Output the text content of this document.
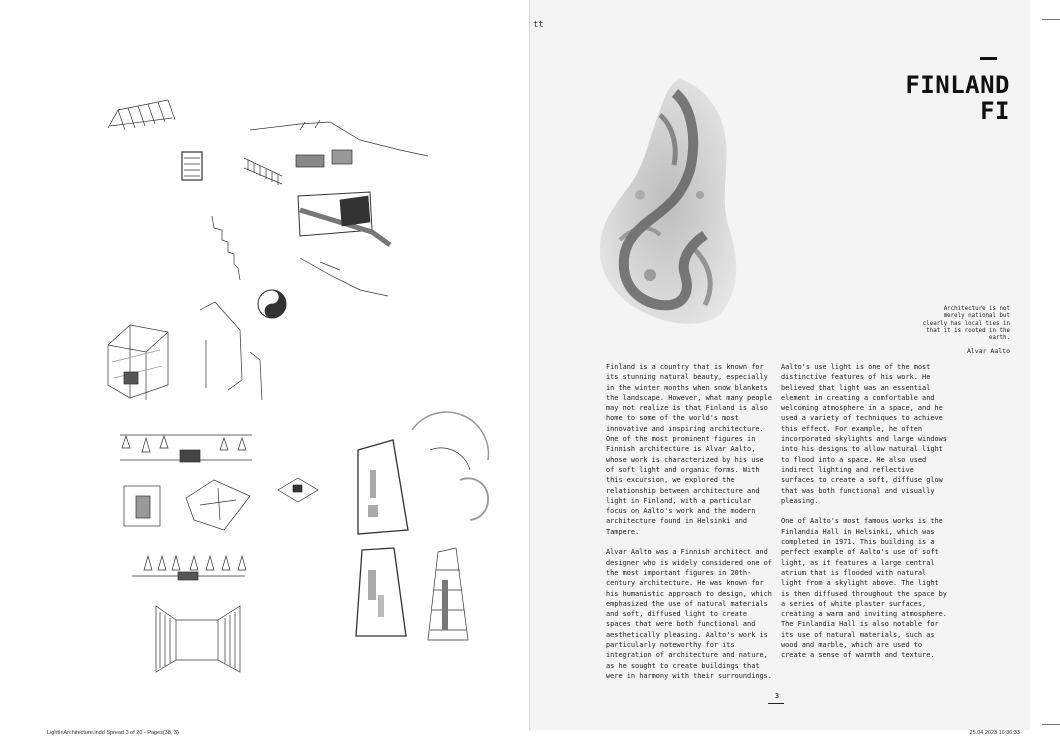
tt
FINLAND
FI
Architecture is not merely national but clearly has local ties in that it is rooted in the earth.
Alvar Aalto

Finland is a country that is known for its stunning natural beauty, especially in the winter months when snow blankets the landscape. However, what many people may not realize is that Finland is also home to some of the world's most innovative and inspiring architecture. One of the most prominent figures in Finnish architecture is Alvar Aalto, whose work is characterized by his use of soft light and organic forms. With this excursion, we explored the relationship between architecture and light in Finland, with a particular focus on Aalto's work and the modern architecture found in Helsinki and Tampere.

Alvar Aalto was a Finnish architect and designer who is widely considered one of the most important figures in 20th-century architecture. He was known for his humanistic approach to design, which emphasized the use of natural materials and soft, diffused light to create spaces that were both functional and aesthetically pleasing. Aalto's work is particularly noteworthy for its integration of architecture and nature, as he sought to create buildings that were in harmony with their surroundings.

Aalto's use light is one of the most distinctive features of his work. He believed that light was an essential element in creating a comfortable and welcoming atmosphere in a space, and he used a variety of techniques to achieve this effect. For example, he often incorporated skylights and large windows into his designs to allow natural light to flood into a space. He also used indirect lighting and reflective surfaces to create a soft, diffuse glow that was both functional and visually pleasing.

One of Aalto's most famous works is the Finlandia Hall in Helsinki, which was completed in 1971. This building is a perfect example of Aalto's use of soft light, as it features a large central atrium that is flooded with natural light from a skylight above. The light is then diffused throughout the space by a series of white plaster surfaces, creating a warm and inviting atmosphere. The Finlandia Hall is also notable for its use of natural materials, such as wood and marble, which are used to create a sense of warmth and texture.

3
LightInArchitecture.indd Spread 3 of 20 - Pages(38, 3)	25.04.2023 16:36:33
